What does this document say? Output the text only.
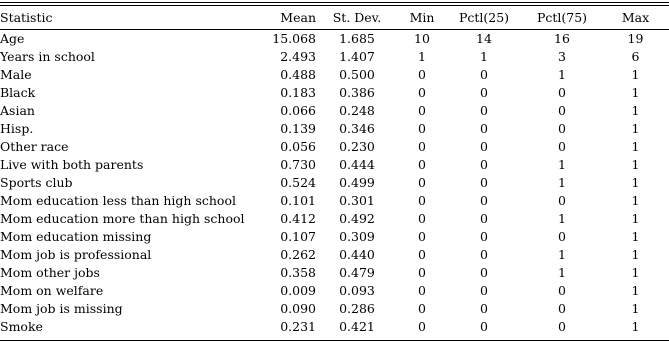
Statistic	Mean	St. Dev.	Min	Pctl(25)	Pctl(75)	Max
Age	15.068	1.685	10	14	16	19
Years in school	2.493	1.407	1	1	3	6
Male	0.488	0.500	0	0	1	1
Black	0.183	0.386	0	0	0	1
Asian	0.066	0.248	0	0	0	1
Hisp.	0.139	0.346	0	0	0	1
Other race	0.056	0.230	0	0	0	1
Live with both parents	0.730	0.444	0	0	1	1
Sports club	0.524	0.499	0	0	1	1
Mom education less than high school	0.101	0.301	0	0	0	1
Mom education more than high school	0.412	0.492	0	0	1	1
Mom education missing	0.107	0.309	0	0	0	1
Mom job is professional	0.262	0.440	0	0	1	1
Mom other jobs	0.358	0.479	0	0	1	1
Mom on welfare	0.009	0.093	0	0	0	1
Mom job is missing	0.090	0.286	0	0	0	1
Smoke	0.231	0.421	0	0	0	1
